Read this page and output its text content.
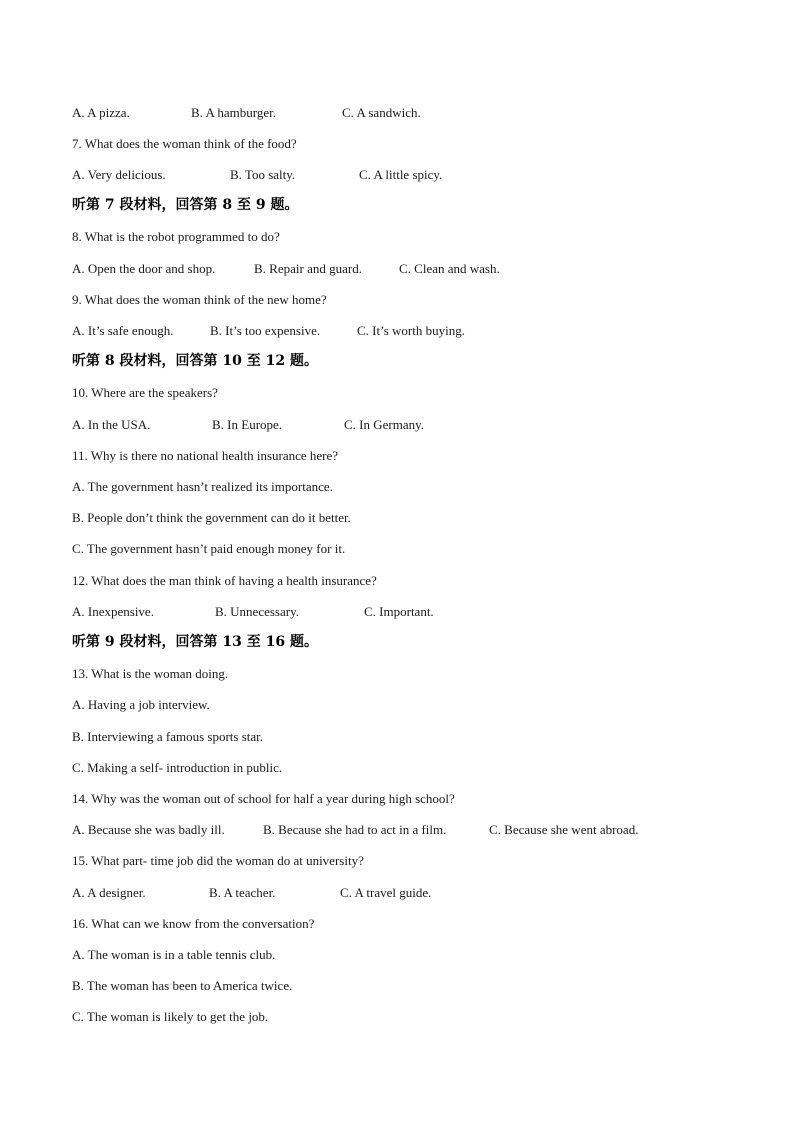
A. A pizza.	B. A hamburger.	C. A sandwich.
7. What does the woman think of the food?
A. Very delicious.	B. Too salty.	C. A little spicy.
听第 7 段材料，回答第 8 至 9 题。
8. What is the robot programmed to do?
A. Open the door and shop.	B. Repair and guard.	C. Clean and wash.
9. What does the woman think of the new home?
A. It’s safe enough.	B. It’s too expensive.	C. It’s worth buying.
听第 8 段材料，回答第 10 至 12 题。
10. Where are the speakers?
A. In the USA.	B. In Europe.	C. In Germany.
11. Why is there no national health insurance here?
A. The government hasn’t realized its importance.
B. People don’t think the government can do it better.
C. The government hasn’t paid enough money for it.
12. What does the man think of having a health insurance?
A. Inexpensive.	B. Unnecessary.	C. Important.
听第 9 段材料，回答第 13 至 16 题。
13. What is the woman doing.
A. Having a job interview.
B. Interviewing a famous sports star.
C. Making a self- introduction in public.
14. Why was the woman out of school for half a year during high school?
A. Because she was badly ill.	B. Because she had to act in a film.	C. Because she went abroad.
15. What part- time job did the woman do at university?
A. A designer.	B. A teacher.	C. A travel guide.
16. What can we know from the conversation?
A. The woman is in a table tennis club.
B. The woman has been to America twice.
C. The woman is likely to get the job.
